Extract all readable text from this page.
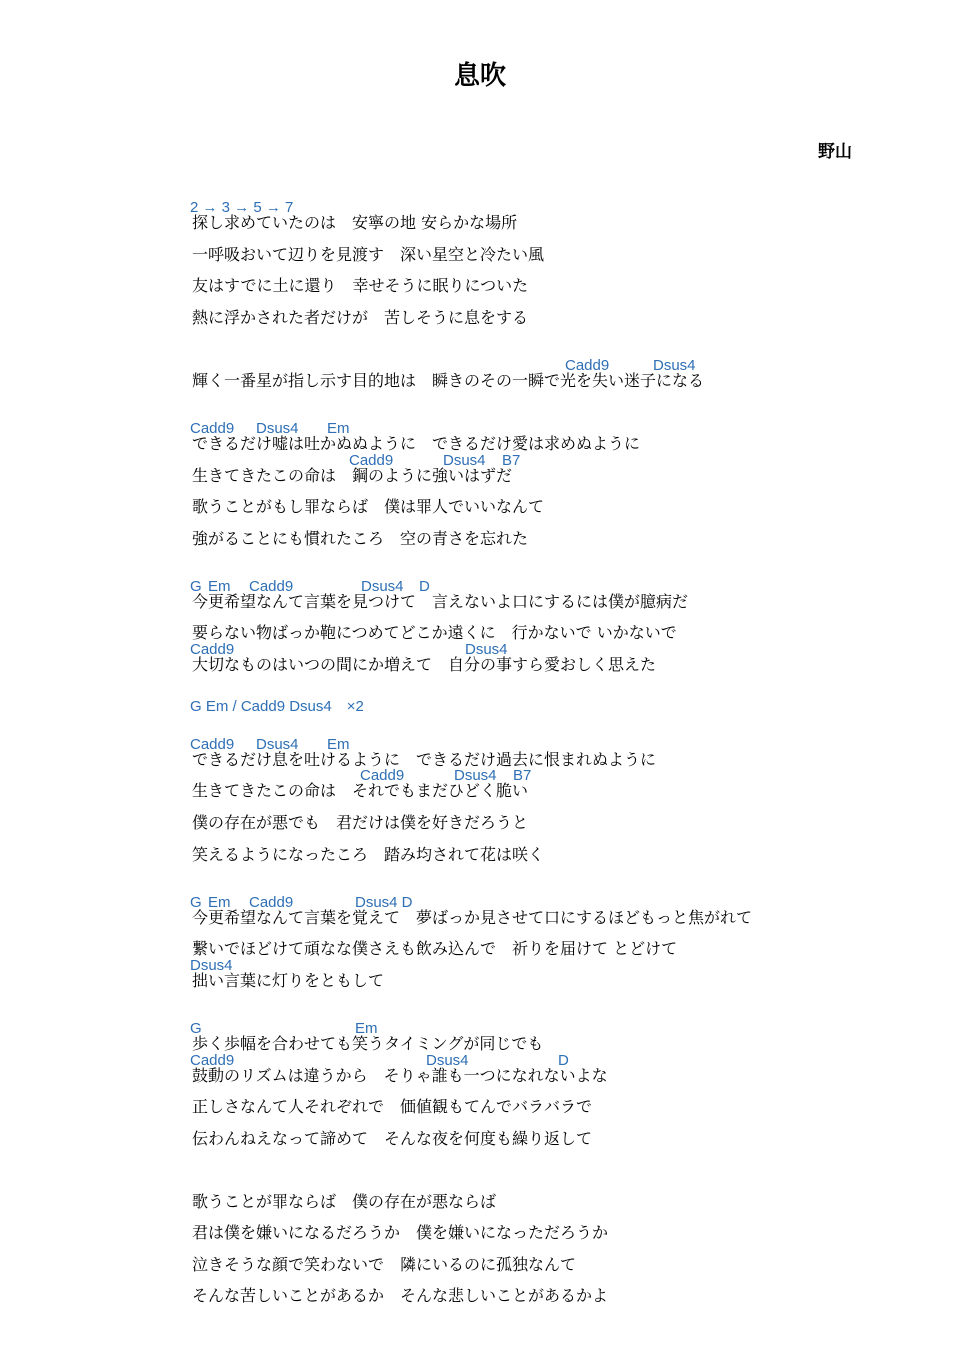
息吹
野山
2 → 3 → 5 → 7
探し求めていたのは　安寧の地 安らかな場所
一呼吸おいて辺りを見渡す　深い星空と冷たい風
友はすでに土に還り　幸せそうに眠りについた
熱に浮かされた者だけが　苦しそうに息をする
Cadd9	Dsus4
輝く一番星が指し示す目的地は　瞬きのその一瞬で光を失い迷子になる
Cadd9 Dsus4 Em
できるだけ嘘は吐かぬぬように　できるだけ愛は求めぬように
Cadd9	Dsus4 B7
生きてきたこの命は　鋼のように強いはずだ
歌うことがもし罪ならば　僕は罪人でいいなんて
強がることにも慣れたころ　空の青さを忘れた
G Em Cadd9	Dsus4 D
今更希望なんて言葉を見つけて　言えないよ口にするには僕が臆病だ
要らない物ばっか鞄につめてどこか遠くに　行かないで いかないで
Cadd9	Dsus4
大切なものはいつの間にか増えて　自分の事すら愛おしく思えた
G Em / Cadd9 Dsus4　×2
Cadd9 Dsus4 Em
できるだけ息を吐けるように　できるだけ過去に恨まれぬように
Cadd9	Dsus4 B7
生きてきたこの命は　それでもまだひどく脆い
僕の存在が悪でも　君だけは僕を好きだろうと
笑えるようになったころ　踏み均されて花は咲く
G Em Cadd9	Dsus4 D
今更希望なんて言葉を覚えて　夢ばっか見させて口にするほどもっと焦がれて
繋いでほどけて頑なな僕さえも飲み込んで　祈りを届けて とどけて
Dsus4
拙い言葉に灯りをともして
G	Em
歩く歩幅を合わせても笑うタイミングが同じでも
Cadd9	Dsus4	D
鼓動のリズムは違うから　そりゃ誰も一つになれないよな
正しさなんて人それぞれで　価値観もてんでバラバラで
伝わんねえなって諦めて　そんな夜を何度も繰り返して
歌うことが罪ならば　僕の存在が悪ならば
君は僕を嫌いになるだろうか　僕を嫌いになっただろうか
泣きそうな顔で笑わないで　隣にいるのに孤独なんて
そんな苦しいことがあるか　そんな悲しいことがあるかよ
